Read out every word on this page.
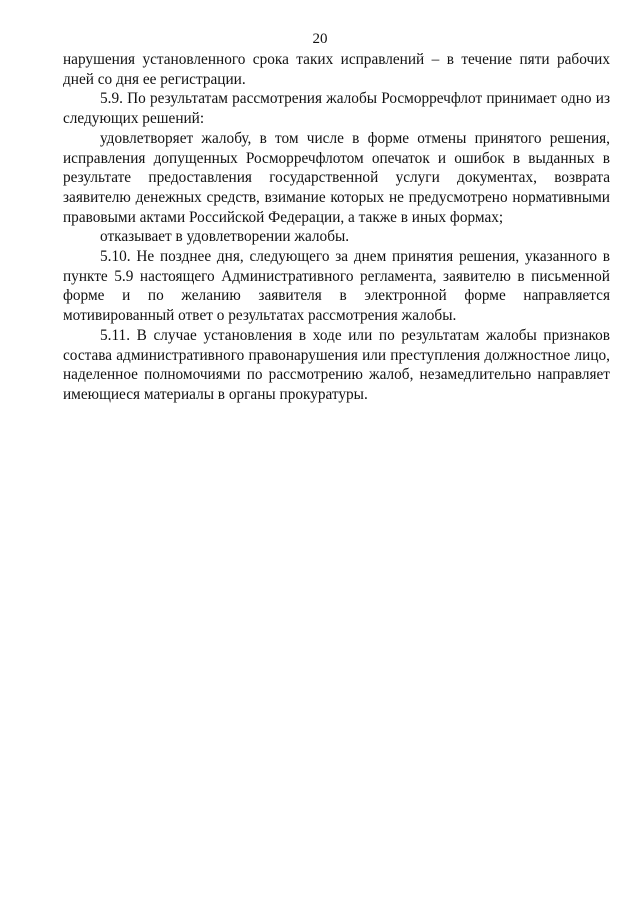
20

нарушения установленного срока таких исправлений – в течение пяти рабочих дней со дня ее регистрации.

5.9. По результатам рассмотрения жалобы Росморречфлот принимает одно из следующих решений:

удовлетворяет жалобу, в том числе в форме отмены принятого решения, исправления допущенных Росморречфлотом опечаток и ошибок в выданных в результате предоставления государственной услуги документах, возврата заявителю денежных средств, взимание которых не предусмотрено нормативными правовыми актами Российской Федерации, а также в иных формах;

отказывает в удовлетворении жалобы.

5.10. Не позднее дня, следующего за днем принятия решения, указанного в пункте 5.9 настоящего Административного регламента, заявителю в письменной форме и по желанию заявителя в электронной форме направляется мотивированный ответ о результатах рассмотрения жалобы.

5.11. В случае установления в ходе или по результатам жалобы признаков состава административного правонарушения или преступления должностное лицо, наделенное полномочиями по рассмотрению жалоб, незамедлительно направляет имеющиеся материалы в органы прокуратуры.
